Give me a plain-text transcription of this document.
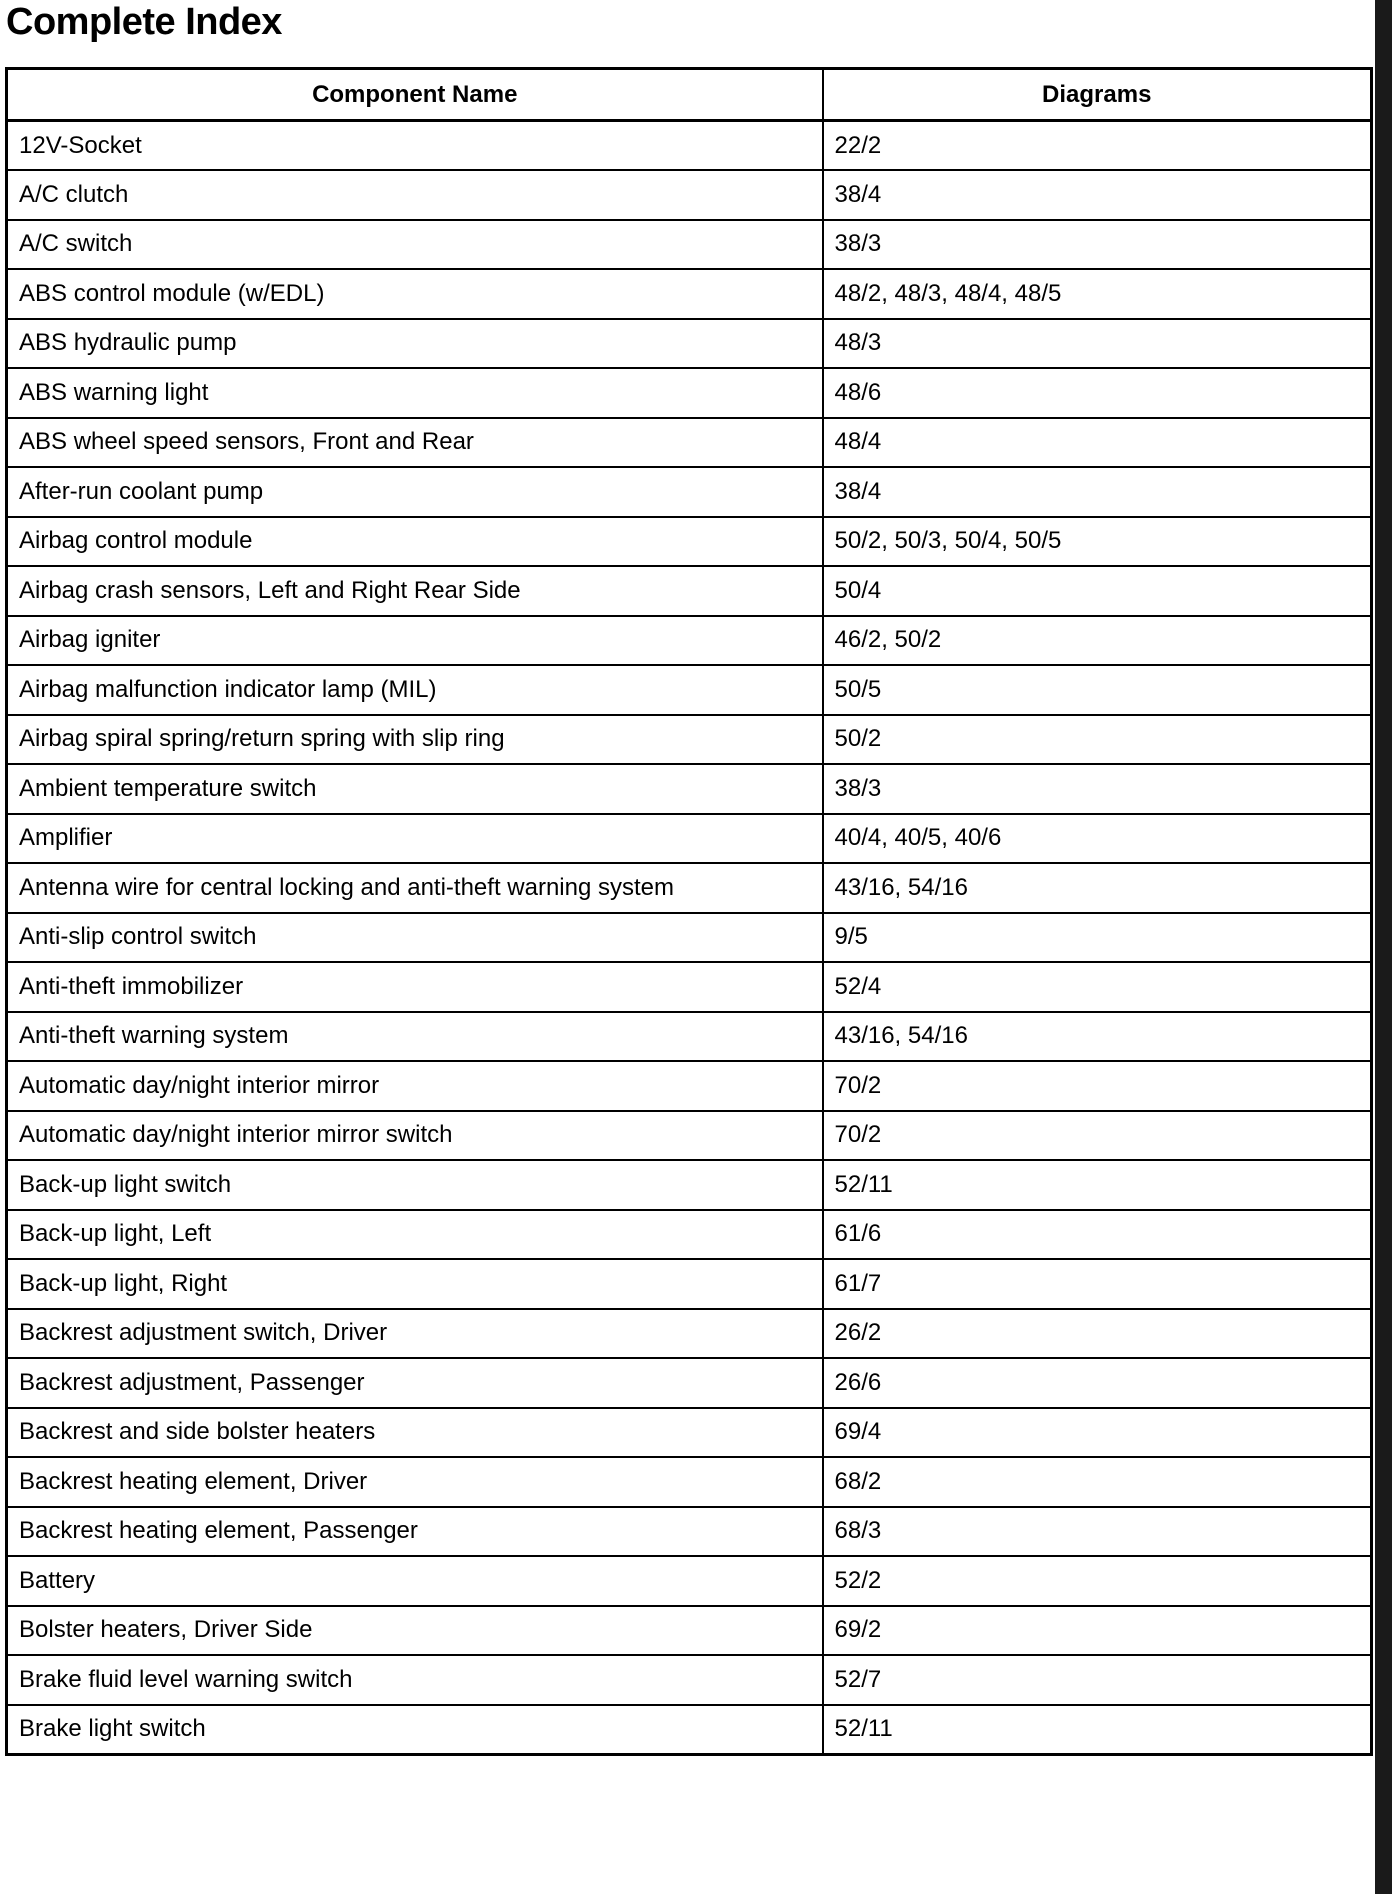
Complete Index
Component Name	Diagrams
12V-Socket	22/2
A/C clutch	38/4
A/C switch	38/3
ABS control module (w/EDL)	48/2, 48/3, 48/4, 48/5
ABS hydraulic pump	48/3
ABS warning light	48/6
ABS wheel speed sensors, Front and Rear	48/4
After-run coolant pump	38/4
Airbag control module	50/2, 50/3, 50/4, 50/5
Airbag crash sensors, Left and Right Rear Side	50/4
Airbag igniter	46/2, 50/2
Airbag malfunction indicator lamp (MIL)	50/5
Airbag spiral spring/return spring with slip ring	50/2
Ambient temperature switch	38/3
Amplifier	40/4, 40/5, 40/6
Antenna wire for central locking and anti-theft warning system	43/16, 54/16
Anti-slip control switch	9/5
Anti-theft immobilizer	52/4
Anti-theft warning system	43/16, 54/16
Automatic day/night interior mirror	70/2
Automatic day/night interior mirror switch	70/2
Back-up light switch	52/11
Back-up light, Left	61/6
Back-up light, Right	61/7
Backrest adjustment switch, Driver	26/2
Backrest adjustment, Passenger	26/6
Backrest and side bolster heaters	69/4
Backrest heating element, Driver	68/2
Backrest heating element, Passenger	68/3
Battery	52/2
Bolster heaters, Driver Side	69/2
Brake fluid level warning switch	52/7
Brake light switch	52/11
